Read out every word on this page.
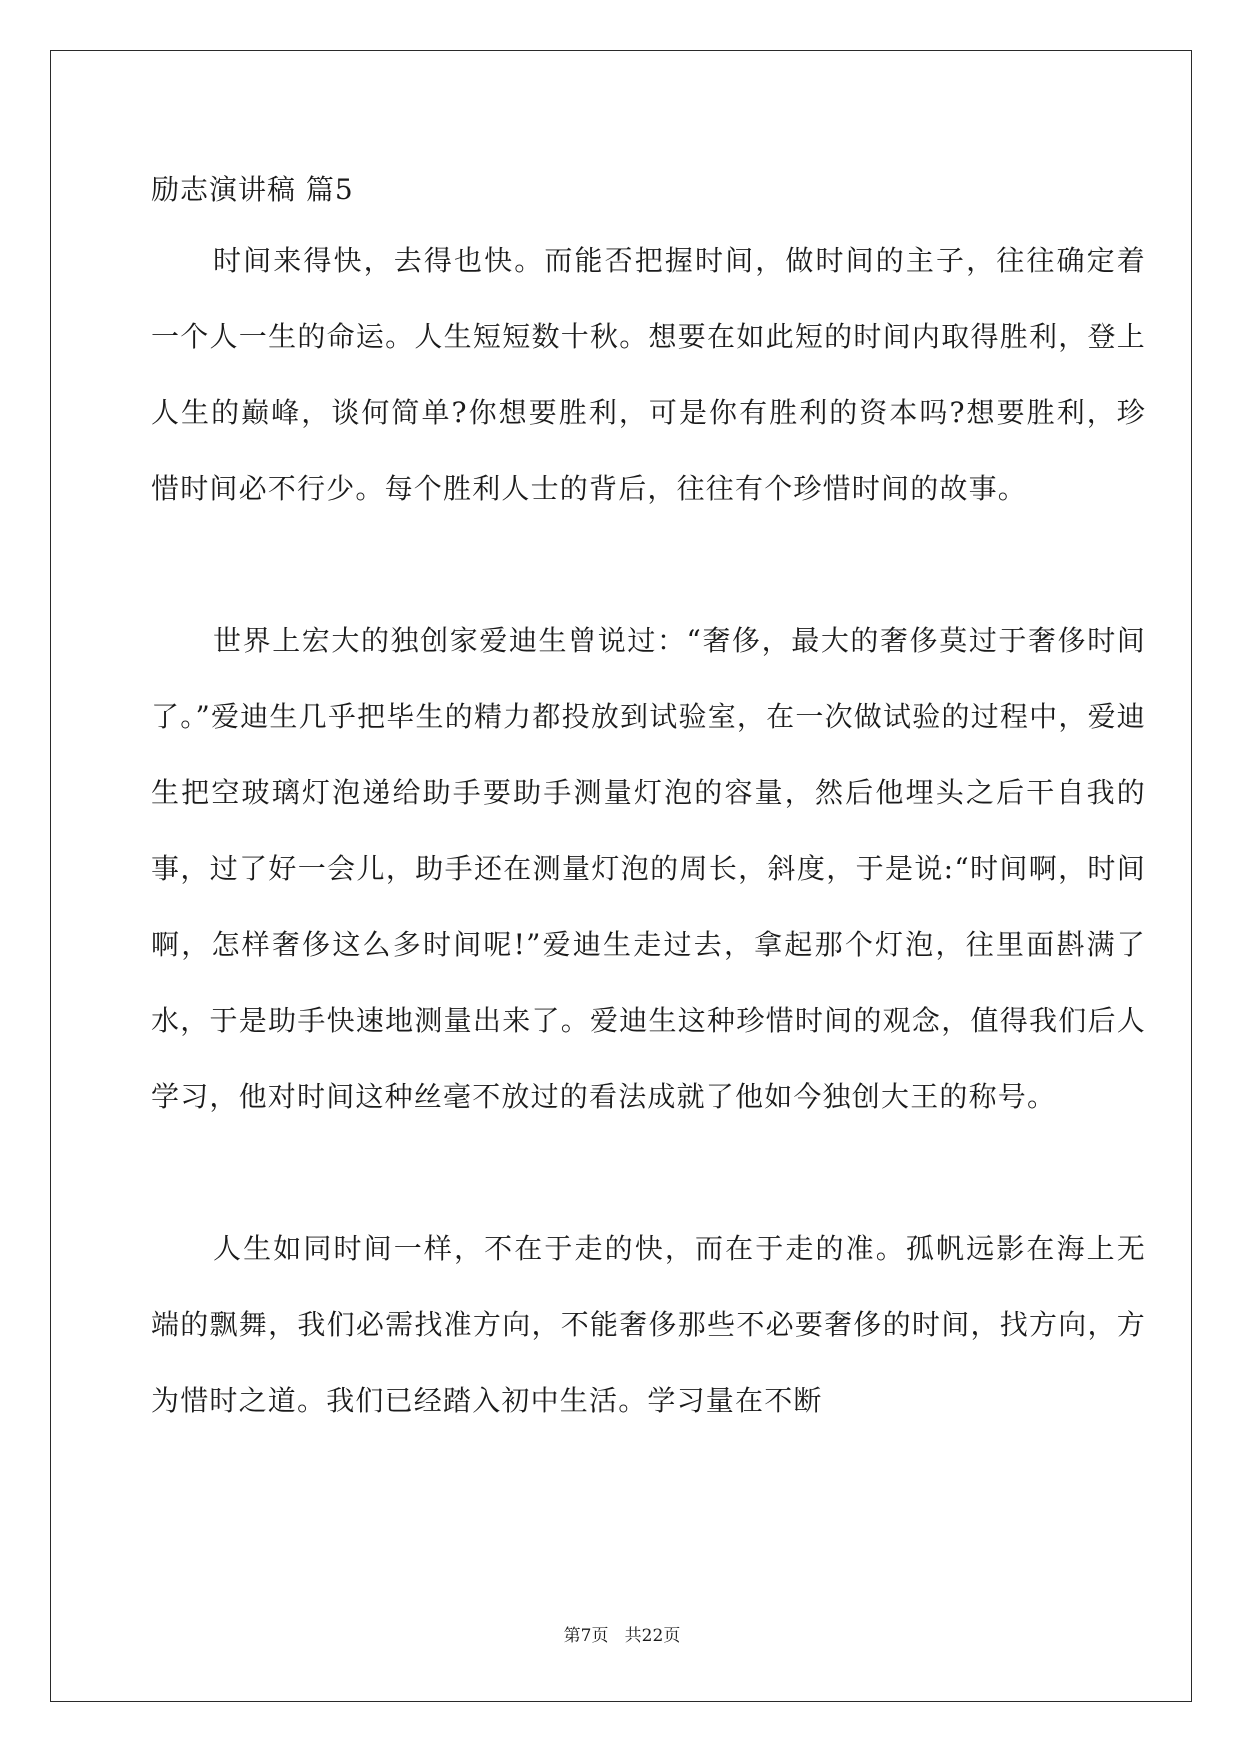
励志演讲稿 篇5

时间来得快，去得也快。而能否把握时间，做时间的主子，往往确定着一个人一生的命运。人生短短数十秋。想要在如此短的时间内取得胜利，登上人生的巅峰，谈何简单?你想要胜利，可是你有胜利的资本吗?想要胜利，珍惜时间必不行少。每个胜利人士的背后，往往有个珍惜时间的故事。

世界上宏大的独创家爱迪生曾说过：“奢侈，最大的奢侈莫过于奢侈时间了。”爱迪生几乎把毕生的精力都投放到试验室，在一次做试验的过程中，爱迪生把空玻璃灯泡递给助手要助手测量灯泡的容量，然后他埋头之后干自我的事，过了好一会儿，助手还在测量灯泡的周长，斜度，于是说:“时间啊，时间啊，怎样奢侈这么多时间呢!”爱迪生走过去，拿起那个灯泡，往里面斟满了水，于是助手快速地测量出来了。爱迪生这种珍惜时间的观念，值得我们后人学习，他对时间这种丝毫不放过的看法成就了他如今独创大王的称号。

人生如同时间一样，不在于走的快，而在于走的准。孤帆远影在海上无端的飘舞，我们必需找准方向，不能奢侈那些不必要奢侈的时间，找方向，方为惜时之道。我们已经踏入初中生活。学习量在不断

第7页   共22页
